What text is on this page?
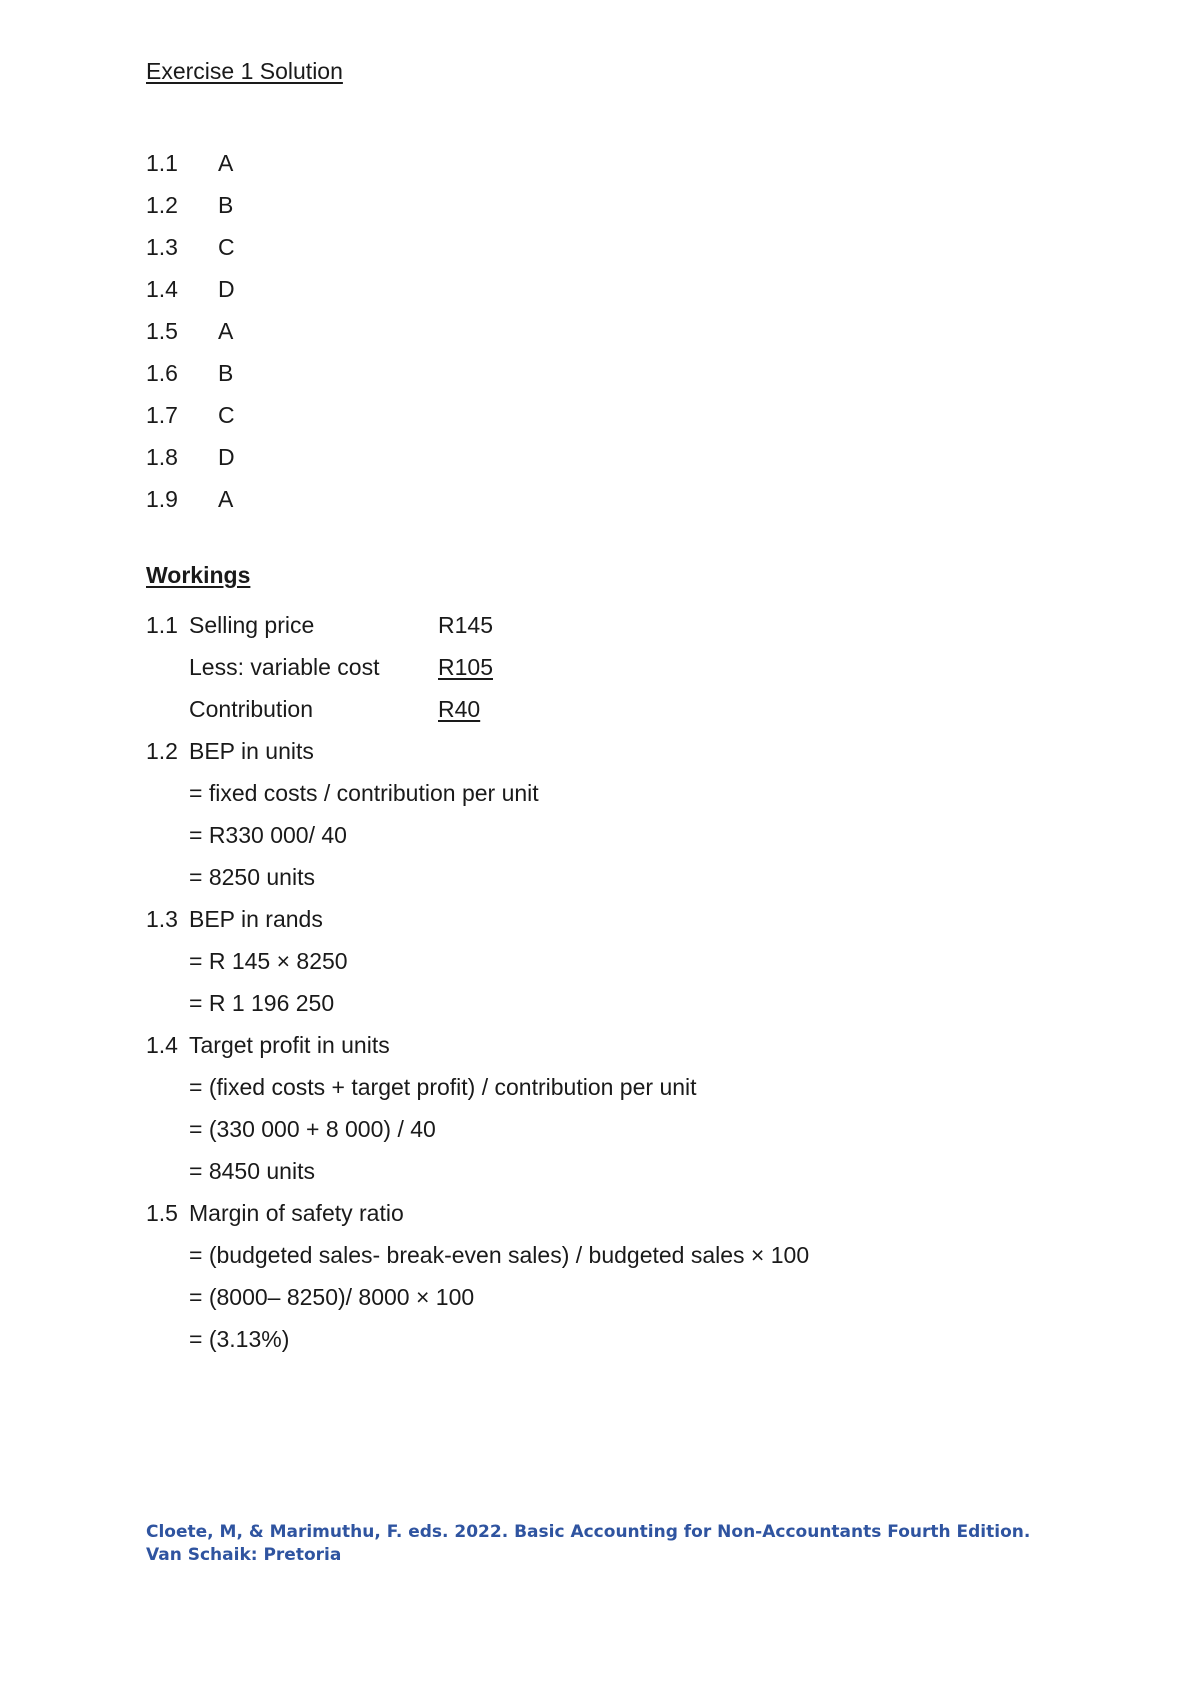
Exercise 1 Solution
1.1	A
1.2	B
1.3	C
1.4	D
1.5	A
1.6	B
1.7	C
1.8	D
1.9	A
Workings
1.1 Selling price	R145
Less: variable cost	R105
Contribution	R40
1.2 BEP in units
= fixed costs / contribution per unit
= R330 000/ 40
= 8250 units
1.3 BEP in rands
= R 145 × 8250
= R 1 196 250
1.4 Target profit in units
= (fixed costs + target profit) / contribution per unit
= (330 000 + 8 000) / 40
= 8450 units
1.5 Margin of safety ratio
= (budgeted sales- break-even sales) / budgeted sales × 100
= (8000– 8250)/ 8000 × 100
= (3.13%)
Cloete, M, & Marimuthu, F. eds. 2022. Basic Accounting for Non-Accountants Fourth Edition. Van Schaik: Pretoria
